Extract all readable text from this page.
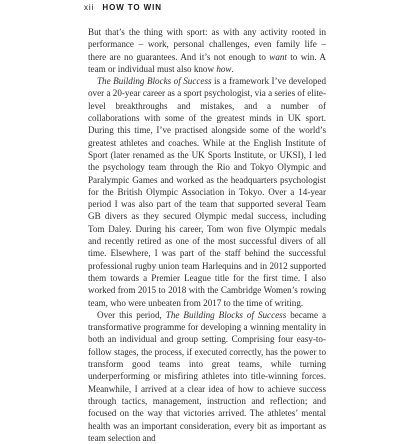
xii HOW TO WIN

But that’s the thing with sport: as with any activity rooted in performance – work, personal challenges, even family life – there are no guarantees. And it’s not enough to want to win. A team or individual must also know how.

The Building Blocks of Success is a framework I’ve developed over a 20-year career as a sport psychologist, via a series of elite-level breakthroughs and mistakes, and a number of collaborations with some of the greatest minds in UK sport. During this time, I’ve practised alongside some of the world’s greatest athletes and coaches. While at the English Institute of Sport (later renamed as the UK Sports Institute, or UKSI), I led the psychology team through the Rio and Tokyo Olympic and Paralympic Games and worked as the headquarters psychologist for the British Olympic Association in Tokyo. Over a 14-year period I was also part of the team that supported several Team GB divers as they secured Olympic medal success, including Tom Daley. During his career, Tom won five Olympic medals and recently retired as one of the most successful divers of all time. Elsewhere, I was part of the staff behind the successful professional rugby union team Harlequins and in 2012 supported them towards a Premier League title for the first time. I also worked from 2015 to 2018 with the Cambridge Women’s rowing team, who were unbeaten from 2017 to the time of writing.

Over this period, The Building Blocks of Success became a transformative programme for developing a winning mentality in both an individual and group setting. Comprising four easy-to-follow stages, the process, if executed correctly, has the power to transform good teams into great teams, while turning underperforming or misfiring athletes into title-winning forces. Meanwhile, I arrived at a clear idea of how to achieve success through tactics, management, instruction and reflection; and focused on the way that victories arrived. The athletes’ mental health was an important consideration, every bit as important as team selection and
